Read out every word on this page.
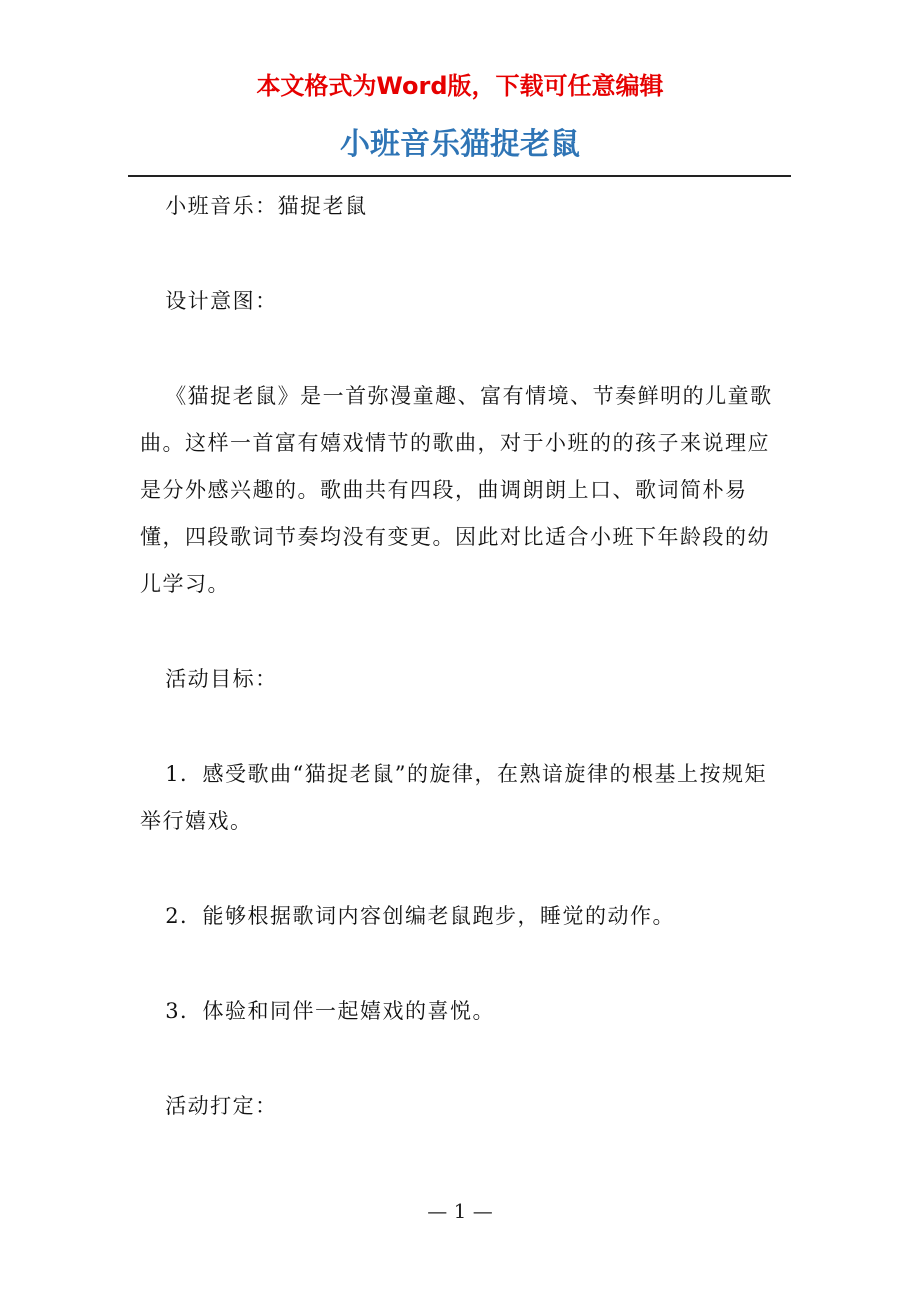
本文格式为Word版，下载可任意编辑
小班音乐猫捉老鼠

小班音乐：猫捉老鼠

设计意图：

《猫捉老鼠》是一首弥漫童趣、富有情境、节奏鲜明的儿童歌曲。这样一首富有嬉戏情节的歌曲，对于小班的的孩子来说理应是分外感兴趣的。歌曲共有四段，曲调朗朗上口、歌词简朴易懂，四段歌词节奏均没有变更。因此对比适合小班下年龄段的幼儿学习。

活动目标：

1．感受歌曲“猫捉老鼠”的旋律，在熟谙旋律的根基上按规矩举行嬉戏。

2．能够根据歌词内容创编老鼠跑步，睡觉的动作。

3．体验和同伴一起嬉戏的喜悦。

活动打定：

— 1 —
